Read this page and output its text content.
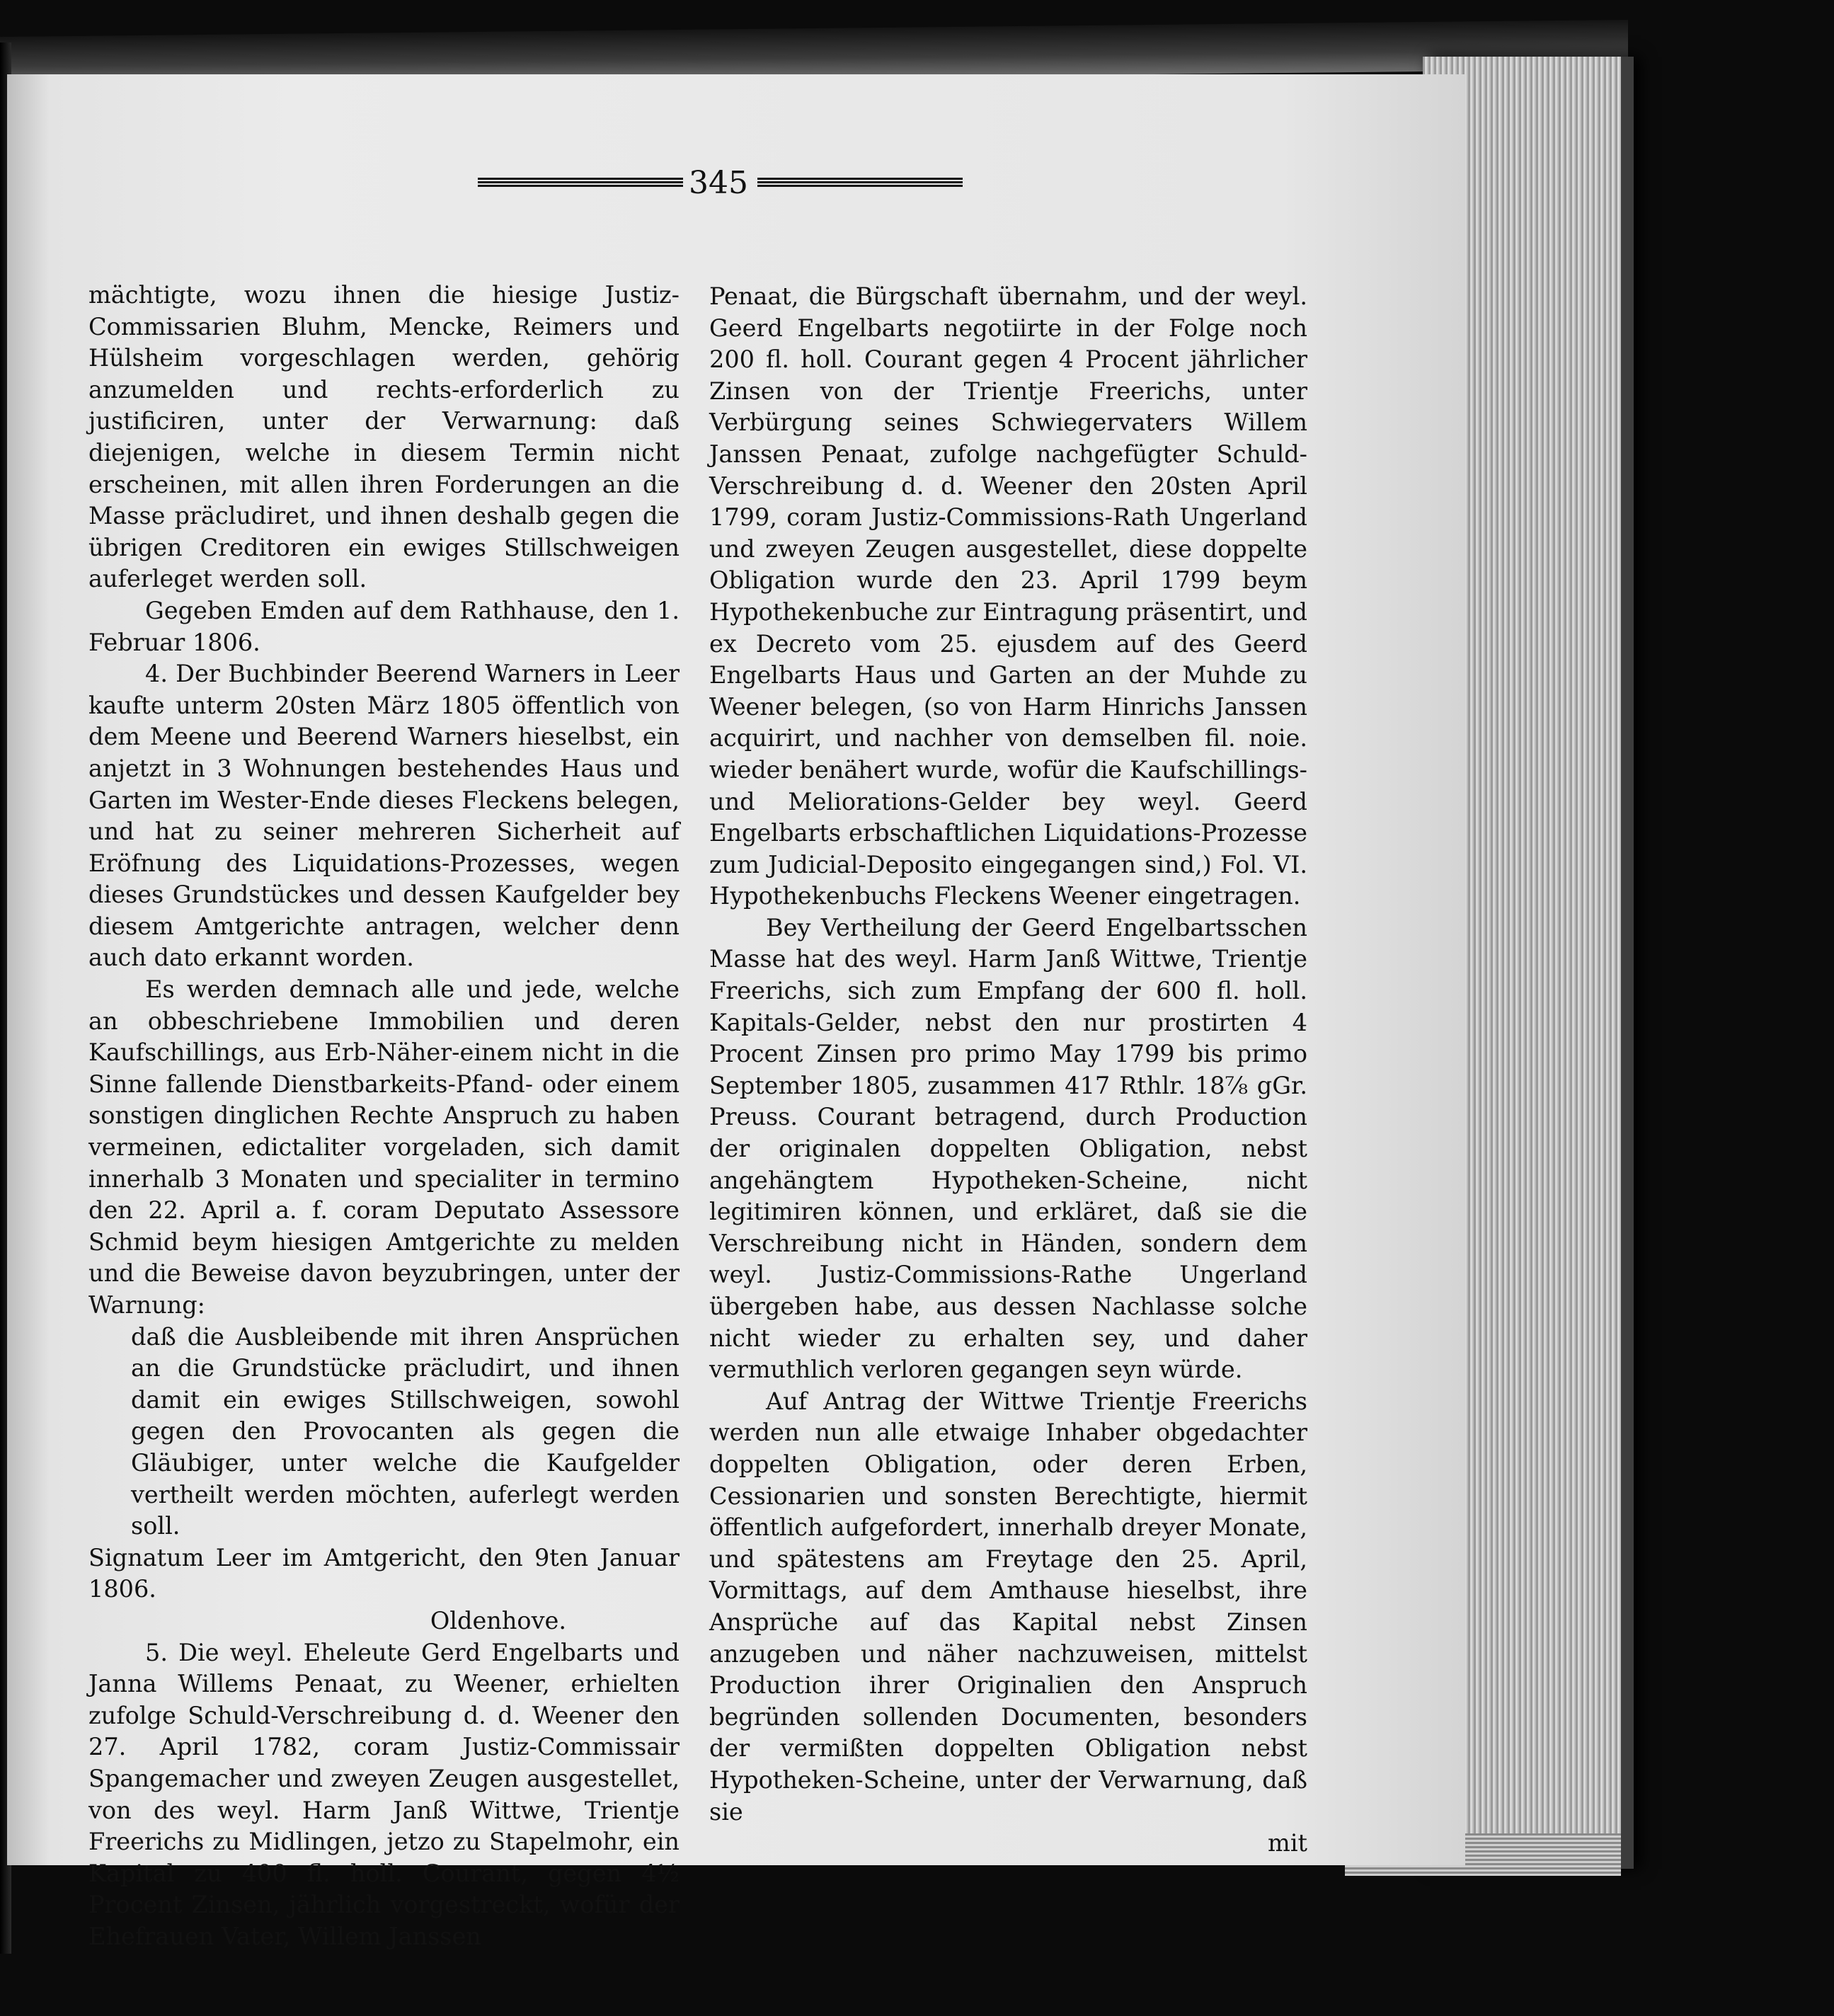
345

mächtigte, wozu ihnen die hiesige Justiz-Commissarien Bluhm, Mencke, Reimers und Hülsheim vorgeschlagen werden, gehörig anzumelden und rechts-erforderlich zu justificiren, unter der Verwarnung: daß diejenigen, welche in diesem Termin nicht erscheinen, mit allen ihren Forderungen an die Masse präcludiret, und ihnen deshalb gegen die übrigen Creditoren ein ewiges Stillschweigen auferleget werden soll.

Gegeben Emden auf dem Rathhause, den 1. Februar 1806.

4. Der Buchbinder Beerend Warners in Leer kaufte unterm 20sten März 1805 öffentlich von dem Meene und Beerend Warners hieselbst, ein anjetzt in 3 Wohnungen bestehendes Haus und Garten im Wester-Ende dieses Fleckens belegen, und hat zu seiner mehreren Sicherheit auf Eröfnung des Liquidations-Prozesses, wegen dieses Grundstückes und dessen Kaufgelder bey diesem Amtgerichte antragen, welcher denn auch dato erkannt worden.

Es werden demnach alle und jede, welche an obbeschriebene Immobilien und deren Kaufschillings, aus Erb-Näher-einem nicht in die Sinne fallende Dienstbarkeits-Pfand- oder einem sonstigen dinglichen Rechte Anspruch zu haben vermeinen, edictaliter vorgeladen, sich damit innerhalb 3 Monaten und specialiter in termino den 22. April a. f. coram Deputato Assessore Schmid beym hiesigen Amtgerichte zu melden und die Beweise davon beyzubringen, unter der Warnung:

daß die Ausbleibende mit ihren Ansprüchen an die Grundstücke präcludirt, und ihnen damit ein ewiges Stillschweigen, sowohl gegen den Provocanten als gegen die Gläubiger, unter welche die Kaufgelder vertheilt werden möchten, auferlegt werden soll.

Signatum Leer im Amtgericht, den 9ten Januar 1806.

Oldenhove.

5. Die weyl. Eheleute Gerd Engelbarts und Janna Willems Penaat, zu Weener, erhielten zufolge Schuld-Verschreibung d. d. Weener den 27. April 1782, coram Justiz-Commissair Spangemacher und zweyen Zeugen ausgestellet, von des weyl. Harm Janß Wittwe, Trientje Freerichs zu Midlingen, jetzo zu Stapelmohr, ein Kapital zu 400 fl. holl. Courant, gegen 4½ Procent Zinsen, jährlich vorgestreckt, wofür der Ehefrauen Vater, Willem Janssen

Penaat, die Bürgschaft übernahm, und der weyl. Geerd Engelbarts negotiirte in der Folge noch 200 fl. holl. Courant gegen 4 Procent jährlicher Zinsen von der Trientje Freerichs, unter Verbürgung seines Schwiegervaters Willem Janssen Penaat, zufolge nachgefügter Schuld-Verschreibung d. d. Weener den 20sten April 1799, coram Justiz-Commissions-Rath Ungerland und zweyen Zeugen ausgestellet, diese doppelte Obligation wurde den 23. April 1799 beym Hypothekenbuche zur Eintragung präsentirt, und ex Decreto vom 25. ejusdem auf des Geerd Engelbarts Haus und Garten an der Muhde zu Weener belegen, (so von Harm Hinrichs Janssen acquirirt, und nachher von demselben fil. noie. wieder benähert wurde, wofür die Kaufschillings- und Meliorations-Gelder bey weyl. Geerd Engelbarts erbschaftlichen Liquidations-Prozesse zum Judicial-Deposito eingegangen sind,) Fol. VI. Hypothekenbuchs Fleckens Weener eingetragen.

Bey Vertheilung der Geerd Engelbartsschen Masse hat des weyl. Harm Janß Wittwe, Trientje Freerichs, sich zum Empfang der 600 fl. holl. Kapitals-Gelder, nebst den nur prostirten 4 Procent Zinsen pro primo May 1799 bis primo September 1805, zusammen 417 Rthlr. 18⅞ gGr. Preuss. Courant betragend, durch Production der originalen doppelten Obligation, nebst angehängtem Hypotheken-Scheine, nicht legitimiren können, und erkläret, daß sie die Verschreibung nicht in Händen, sondern dem weyl. Justiz-Commissions-Rathe Ungerland übergeben habe, aus dessen Nachlasse solche nicht wieder zu erhalten sey, und daher vermuthlich verloren gegangen seyn würde.

Auf Antrag der Wittwe Trientje Freerichs werden nun alle etwaige Inhaber obgedachter doppelten Obligation, oder deren Erben, Cessionarien und sonsten Berechtigte, hiermit öffentlich aufgefordert, innerhalb dreyer Monate, und spätestens am Freytage den 25. April, Vormittags, auf dem Amthause hieselbst, ihre Ansprüche auf das Kapital nebst Zinsen anzugeben und näher nachzuweisen, mittelst Production ihrer Originalien den Anspruch begründen sollenden Documenten, besonders der vermißten doppelten Obligation nebst Hypotheken-Scheine, unter der Verwarnung, daß sie

mit
